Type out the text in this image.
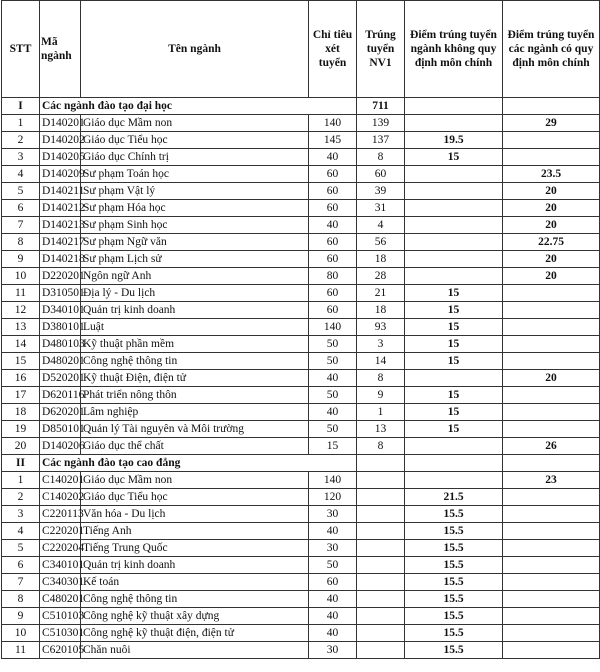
STT	Mã ngành	Tên ngành	Chỉ tiêu xét tuyển	Trúng tuyển NV1	Điểm trúng tuyển ngành không quy định môn chính	Điểm trúng tuyển các ngành có quy định môn chính
I	Các ngành đào tạo đại học			711		
1	D140201	Giáo dục Mầm non	140	139		29
2	D140202	Giáo dục Tiểu học	145	137	19.5	
3	D140205	Giáo dục Chính trị	40	8	15	
4	D140209	Sư phạm Toán học	60	60		23.5
5	D140211	Sư phạm Vật lý	60	39		20
6	D140212	Sư phạm Hóa học	60	31		20
7	D140213	Sư phạm Sinh học	40	4		20
8	D140217	Sư phạm Ngữ văn	60	56		22.75
9	D140218	Sư phạm Lịch sử	60	18		20
10	D220201	Ngôn ngữ Anh	80	28		20
11	D310501	Địa lý - Du lịch	60	21	15	
12	D340101	Quản trị kinh doanh	60	18	15	
13	D380101	Luật	140	93	15	
14	D480103	Kỹ thuật phần mềm	50	3	15	
15	D480201	Công nghệ thông tin	50	14	15	
16	D520201	Kỹ thuật Điện, điện tử	40	8		20
17	D620116	Phát triển nông thôn	50	9	15	
18	D620201	Lâm nghiệp	40	1	15	
19	D850101	Quản lý Tài nguyên và Môi trường	50	13	15	
20	D140206	Giáo dục thể chất	15	8		26
II	Các ngành đào tạo cao đẳng					
1	C140201	Giáo dục Mầm non	140			23
2	C140202	Giáo dục Tiểu học	120		21.5	
3	C220113	Văn hóa - Du lịch	30		15.5	
4	C220201	Tiếng Anh	40		15.5	
5	C220204	Tiếng Trung Quốc	30		15.5	
6	C340101	Quản trị kinh doanh	50		15.5	
7	C340301	Kế toán	60		15.5	
8	C480201	Công nghệ thông tin	40		15.5	
9	C510103	Công nghệ kỹ thuật xây dựng	40		15.5	
10	C510301	Công nghệ kỹ thuật điện, điện tử	40		15.5	
11	C620105	Chăn nuôi	30		15.5	
